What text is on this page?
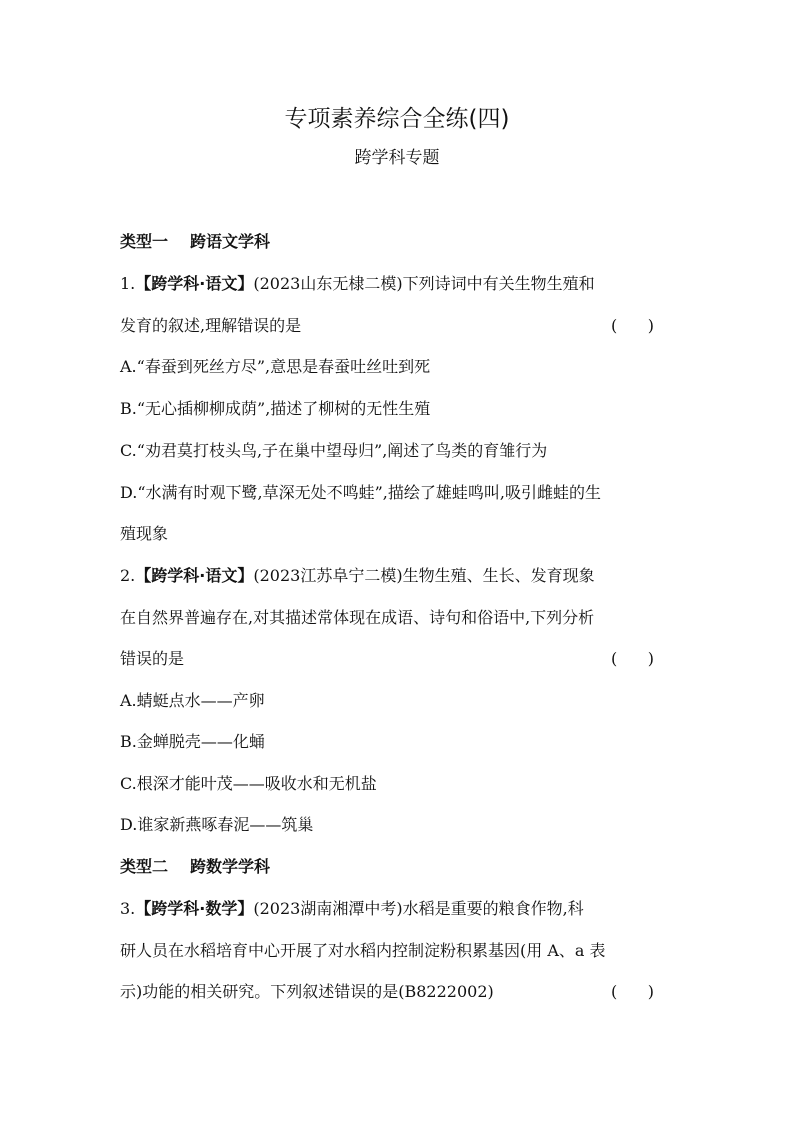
专项素养综合全练(四)
跨学科专题
类型一 跨语文学科
1.【跨学科·语文】(2023山东无棣二模)下列诗词中有关生物生殖和
发育的叙述,理解错误的是	(      )
A.“春蚕到死丝方尽”,意思是春蚕吐丝吐到死
B.“无心插柳柳成荫”,描述了柳树的无性生殖
C.“劝君莫打枝头鸟,子在巢中望母归”,阐述了鸟类的育雏行为
D.“水满有时观下鹭,草深无处不鸣蛙”,描绘了雄蛙鸣叫,吸引雌蛙的生
殖现象
2.【跨学科·语文】(2023江苏阜宁二模)生物生殖、生长、发育现象
在自然界普遍存在,对其描述常体现在成语、诗句和俗语中,下列分析
错误的是	(      )
A.蜻蜓点水——产卵
B.金蝉脱壳——化蛹
C.根深才能叶茂——吸收水和无机盐
D.谁家新燕啄春泥——筑巢
类型二 跨数学学科
3.【跨学科·数学】(2023湖南湘潭中考)水稻是重要的粮食作物,科
研人员在水稻培育中心开展了对水稻内控制淀粉积累基因(用 A、a 表
示)功能的相关研究。下列叙述错误的是(B8222002)	(      )
